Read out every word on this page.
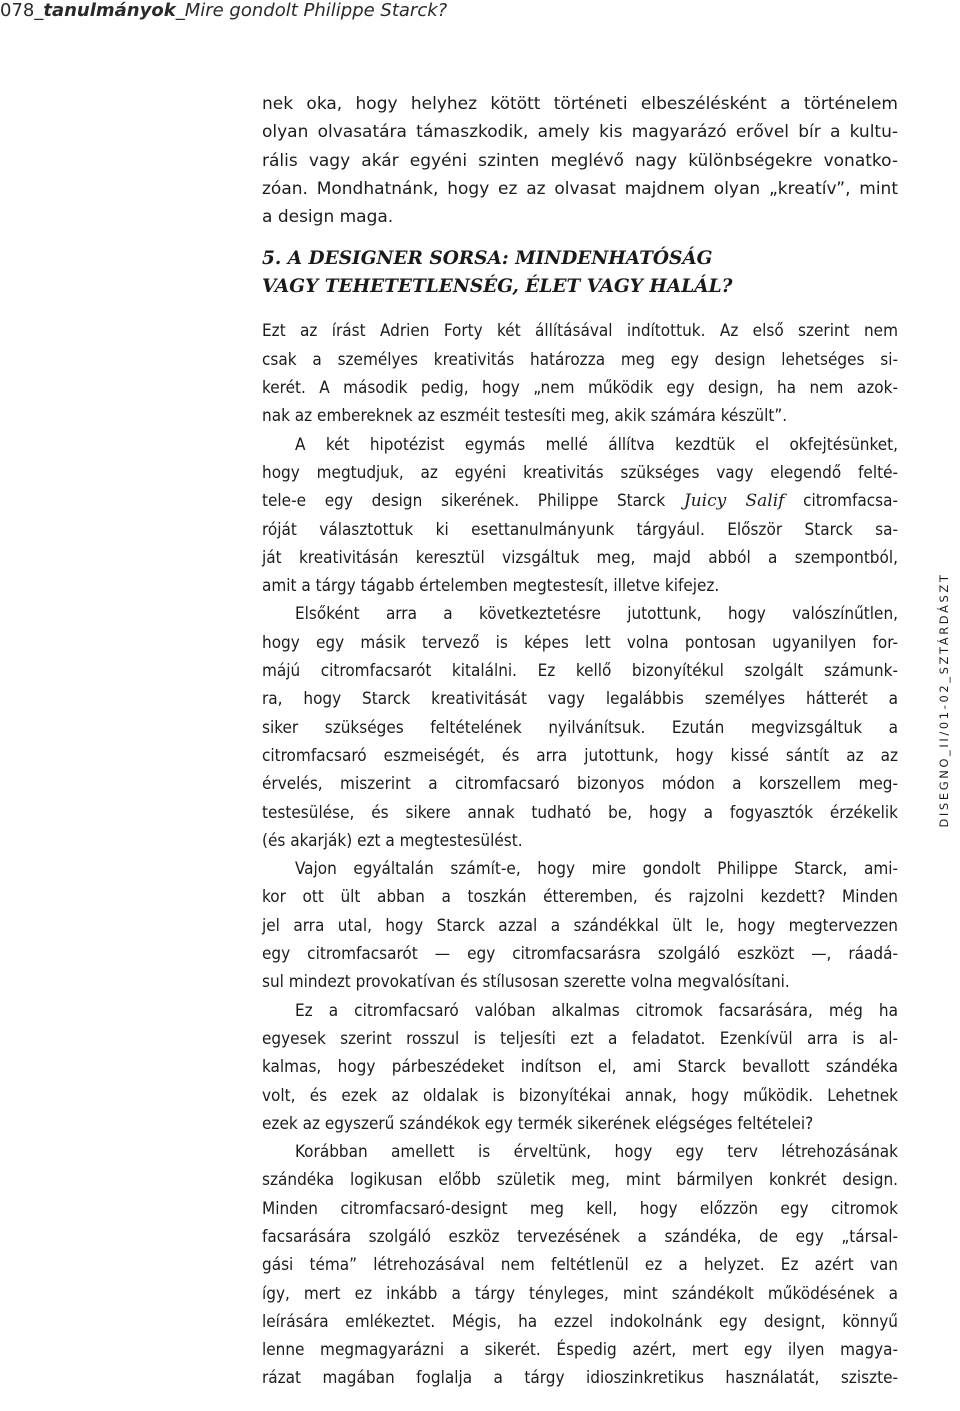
078_tanulmányok_Mire gondolt Philippe Starck?
nek oka, hogy helyhez kötött történeti elbeszélésként a történelem
olyan olvasatára támaszkodik, amely kis magyarázó erővel bír a kultu-
rális vagy akár egyéni szinten meglévő nagy különbségekre vonatko-
zóan. Mondhatnánk, hogy ez az olvasat majdnem olyan „kreatív”, mint
a design maga.
5. A DESIGNER SORSA: MINDENHATÓSÁG
VAGY TEHETETLENSÉG, ÉLET VAGY HALÁL?
Ezt az írást Adrien Forty két állításával indítottuk. Az első szerint nem
csak a személyes kreativitás határozza meg egy design lehetséges si-
kerét. A második pedig, hogy „nem működik egy design, ha nem azok-
nak az embereknek az eszméit testesíti meg, akik számára készült”.
A két hipotézist egymás mellé állítva kezdtük el okfejtésünket,
hogy megtudjuk, az egyéni kreativitás szükséges vagy elegendő felté-
tele-e egy design sikerének. Philippe Starck Juicy Salif citromfacsa-
róját választottuk ki esettanulmányunk tárgyául. Először Starck sa-
ját kreativitásán keresztül vizsgáltuk meg, majd abból a szempontból,
amit a tárgy tágabb értelemben megtestesít, illetve kifejez.
Elsőként arra a következtetésre jutottunk, hogy valószínűtlen,
hogy egy másik tervező is képes lett volna pontosan ugyanilyen for-
májú citromfacsarót kitalálni. Ez kellő bizonyítékul szolgált számunk-
ra, hogy Starck kreativitását vagy legalábbis személyes hátterét a
siker szükséges feltételének nyilvánítsuk. Ezután megvizsgáltuk a
citromfacsaró eszmeiségét, és arra jutottunk, hogy kissé sántít az az
érvelés, miszerint a citromfacsaró bizonyos módon a korszellem meg-
testesülése, és sikere annak tudható be, hogy a fogyasztók érzékelik
(és akarják) ezt a megtestesülést.
Vajon egyáltalán számít-e, hogy mire gondolt Philippe Starck, ami-
kor ott ült abban a toszkán étteremben, és rajzolni kezdett? Minden
jel arra utal, hogy Starck azzal a szándékkal ült le, hogy megtervezzen
egy citromfacsarót — egy citromfacsarásra szolgáló eszközt —, ráadá-
sul mindezt provokatívan és stílusosan szerette volna megvalósítani.
Ez a citromfacsaró valóban alkalmas citromok facsarására, még ha
egyesek szerint rosszul is teljesíti ezt a feladatot. Ezenkívül arra is al-
kalmas, hogy párbeszédeket indítson el, ami Starck bevallott szándéka
volt, és ezek az oldalak is bizonyítékai annak, hogy működik. Lehetnek
ezek az egyszerű szándékok egy termék sikerének elégséges feltételei?
Korábban amellett is érveltünk, hogy egy terv létrehozásának
szándéka logikusan előbb születik meg, mint bármilyen konkrét design.
Minden citromfacsaró-designt meg kell, hogy előzzön egy citromok
facsarására szolgáló eszköz tervezésének a szándéka, de egy „társal-
gási téma” létrehozásával nem feltétlenül ez a helyzet. Ez azért van
így, mert ez inkább a tárgy tényleges, mint szándékolt működésének a
leírására emlékeztet. Mégis, ha ezzel indokolnánk egy designt, könnyű
lenne megmagyarázni a sikerét. Éspedig azért, mert egy ilyen magya-
rázat magában foglalja a tárgy idioszinkretikus használatát, sziszte-
DISEGNO_II/01-02_SZTÁRDÁSZT
